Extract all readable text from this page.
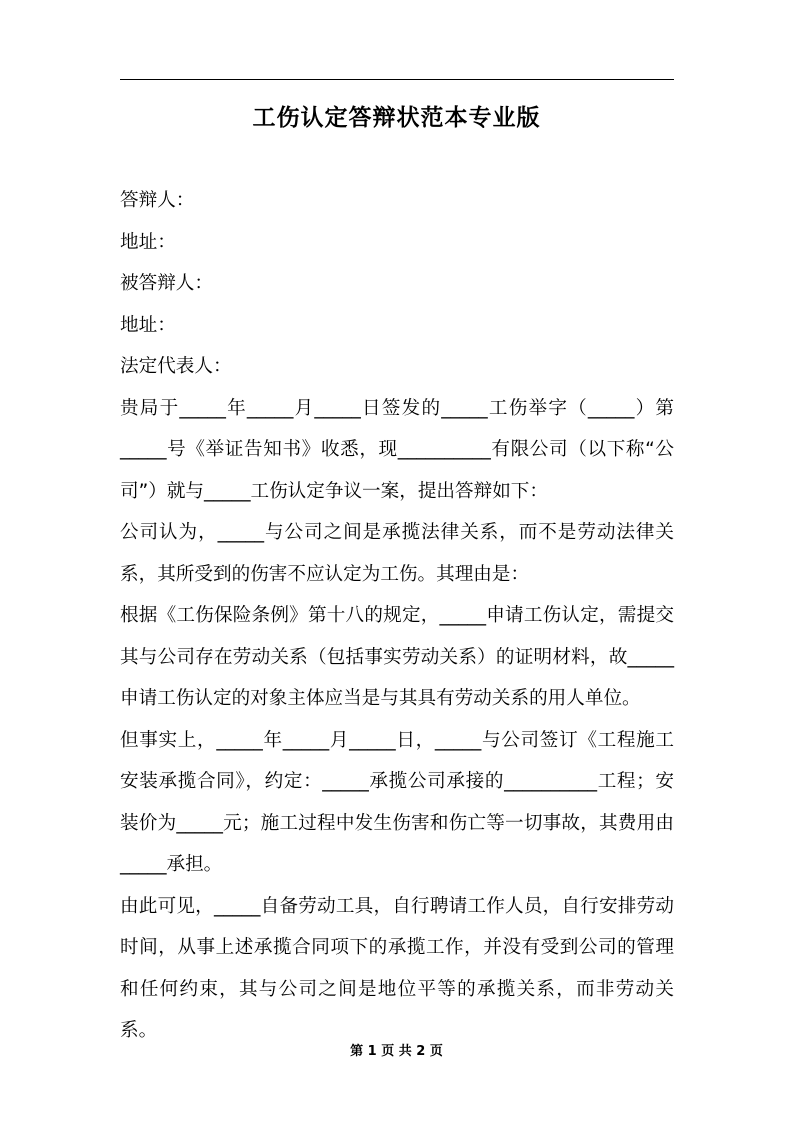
工伤认定答辩状范本专业版
答辩人：
地址：
被答辩人：
地址：
法定代表人：
贵局于_____年_____月_____日签发的_____工伤举字（_____）第_____号《举证告知书》收悉，现__________有限公司（以下称“公司”）就与_____工伤认定争议一案，提出答辩如下：
公司认为，_____与公司之间是承揽法律关系，而不是劳动法律关系，其所受到的伤害不应认定为工伤。其理由是：
根据《工伤保险条例》第十八的规定，_____申请工伤认定，需提交其与公司存在劳动关系（包括事实劳动关系）的证明材料，故_____申请工伤认定的对象主体应当是与其具有劳动关系的用人单位。
但事实上，_____年_____月_____日，_____与公司签订《工程施工安装承揽合同》，约定：_____承揽公司承接的__________工程；安装价为_____元；施工过程中发生伤害和伤亡等一切事故，其费用由_____承担。
由此可见，_____自备劳动工具，自行聘请工作人员，自行安排劳动时间，从事上述承揽合同项下的承揽工作，并没有受到公司的管理和任何约束，其与公司之间是地位平等的承揽关系，而非劳动关系。
第 1 页 共 2 页
